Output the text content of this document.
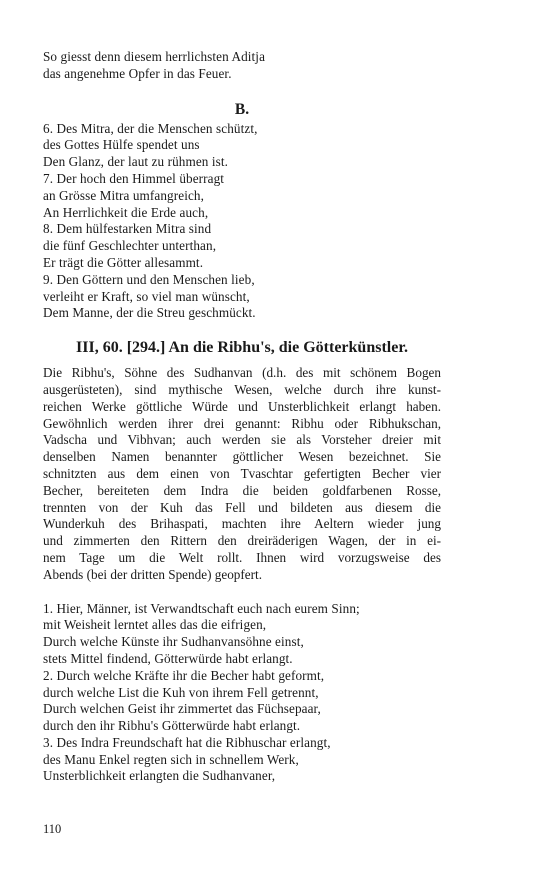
So giesst denn diesem herrlichsten Aditja
das angenehme Opfer in das Feuer.
B.
6. Des Mitra, der die Menschen schützt,
des Gottes Hülfe spendet uns
Den Glanz, der laut zu rühmen ist.
7. Der hoch den Himmel überragt
an Grösse Mitra umfangreich,
An Herrlichkeit die Erde auch,
8. Dem hülfestarken Mitra sind
die fünf Geschlechter unterthan,
Er trägt die Götter allesammt.
9. Den Göttern und den Menschen lieb,
verleiht er Kraft, so viel man wünscht,
Dem Manne, der die Streu geschmückt.
III, 60. [294.] An die Ribhu's, die Götterkünstler.
Die Ribhu's, Söhne des Sudhanvan (d.h. des mit schönem Bogen
ausgerüsteten), sind mythische Wesen, welche durch ihre kunst-
reichen Werke göttliche Würde und Unsterblichkeit erlangt haben.
Gewöhnlich werden ihrer drei genannt: Ribhu oder Ribhukschan,
Vadscha und Vibhvan; auch werden sie als Vorsteher dreier mit
denselben Namen benannter göttlicher Wesen bezeichnet. Sie
schnitzten aus dem einen von Tvaschtar gefertigten Becher vier
Becher, bereiteten dem Indra die beiden goldfarbenen Rosse,
trennten von der Kuh das Fell und bildeten aus diesem die
Wunderkuh des Brihaspati, machten ihre Aeltern wieder jung
und zimmerten den Rittern den dreiräderigen Wagen, der in ei-
nem Tage um die Welt rollt. Ihnen wird vorzugsweise des
Abends (bei der dritten Spende) geopfert.
1. Hier, Männer, ist Verwandtschaft euch nach eurem Sinn;
mit Weisheit lerntet alles das die eifrigen,
Durch welche Künste ihr Sudhanvansöhne einst,
stets Mittel findend, Götterwürde habt erlangt.
2. Durch welche Kräfte ihr die Becher habt geformt,
durch welche List die Kuh von ihrem Fell getrennt,
Durch welchen Geist ihr zimmertet das Füchsepaar,
durch den ihr Ribhu's Götterwürde habt erlangt.
3. Des Indra Freundschaft hat die Ribhuschar erlangt,
des Manu Enkel regten sich in schnellem Werk,
Unsterblichkeit erlangten die Sudhanvaner,
110
